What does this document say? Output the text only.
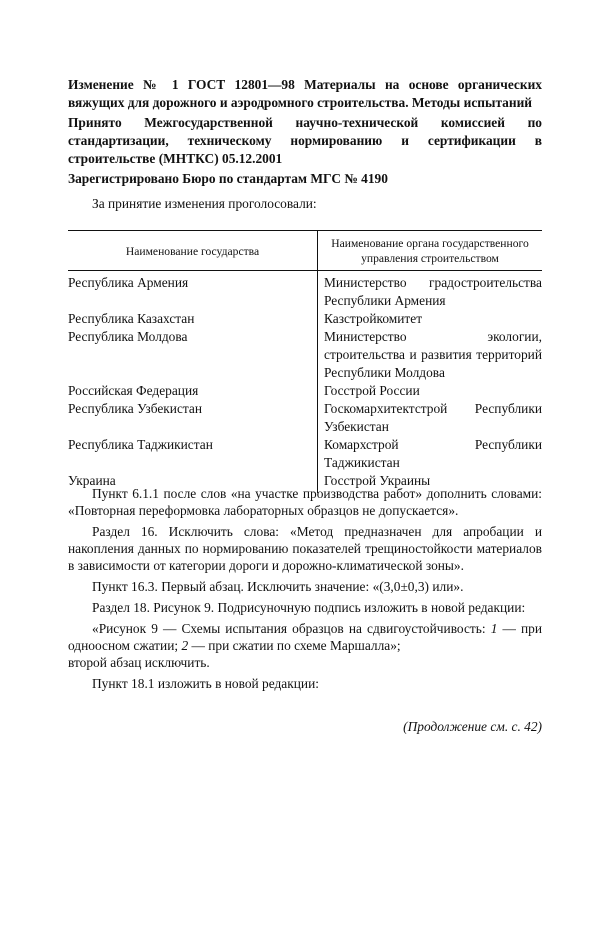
Изменение № 1 ГОСТ 12801—98 Материалы на основе органических вяжущих для дорожного и аэродромного строительства. Методы испытаний

Принято Межгосударственной научно-технической комиссией по стандартизации, техническому нормированию и сертификации в строительстве (МНТКС) 05.12.2001

Зарегистрировано Бюро по стандартам МГС № 4190

За принятие изменения проголосовали:
Наименование государства	Наименование органа государственного управления строительством
Республика Армения	Министерство градостроительства Республики Армения
Республика Казахстан	Казстройкомитет
Республика Молдова	Министерство экологии, строительства и развития территорий Республики Молдова
Российская Федерация	Госстрой России
Республика Узбекистан	Госкомархитектстрой Республики Узбекистан
Республика Таджикистан	Комархстрой Республики Таджикистан
Украина	Госстрой Украины

Пункт 6.1.1 после слов «на участке производства работ» дополнить словами: «Повторная переформовка лабораторных образцов не допускается».

Раздел 16. Исключить слова: «Метод предназначен для апробации и накопления данных по нормированию показателей трещиностойкости материалов в зависимости от категории дороги и дорожно-климатической зоны».

Пункт 16.3. Первый абзац. Исключить значение: «(3,0±0,3) или».

Раздел 18. Рисунок 9. Подрисуночную подпись изложить в новой редакции:

«Рисунок 9 — Схемы испытания образцов на сдвигоустойчивость: 1 — при одноосном сжатии; 2 — при сжатии по схеме Маршалла»;

второй абзац исключить.

Пункт 18.1 изложить в новой редакции:

(Продолжение см. с. 42)
